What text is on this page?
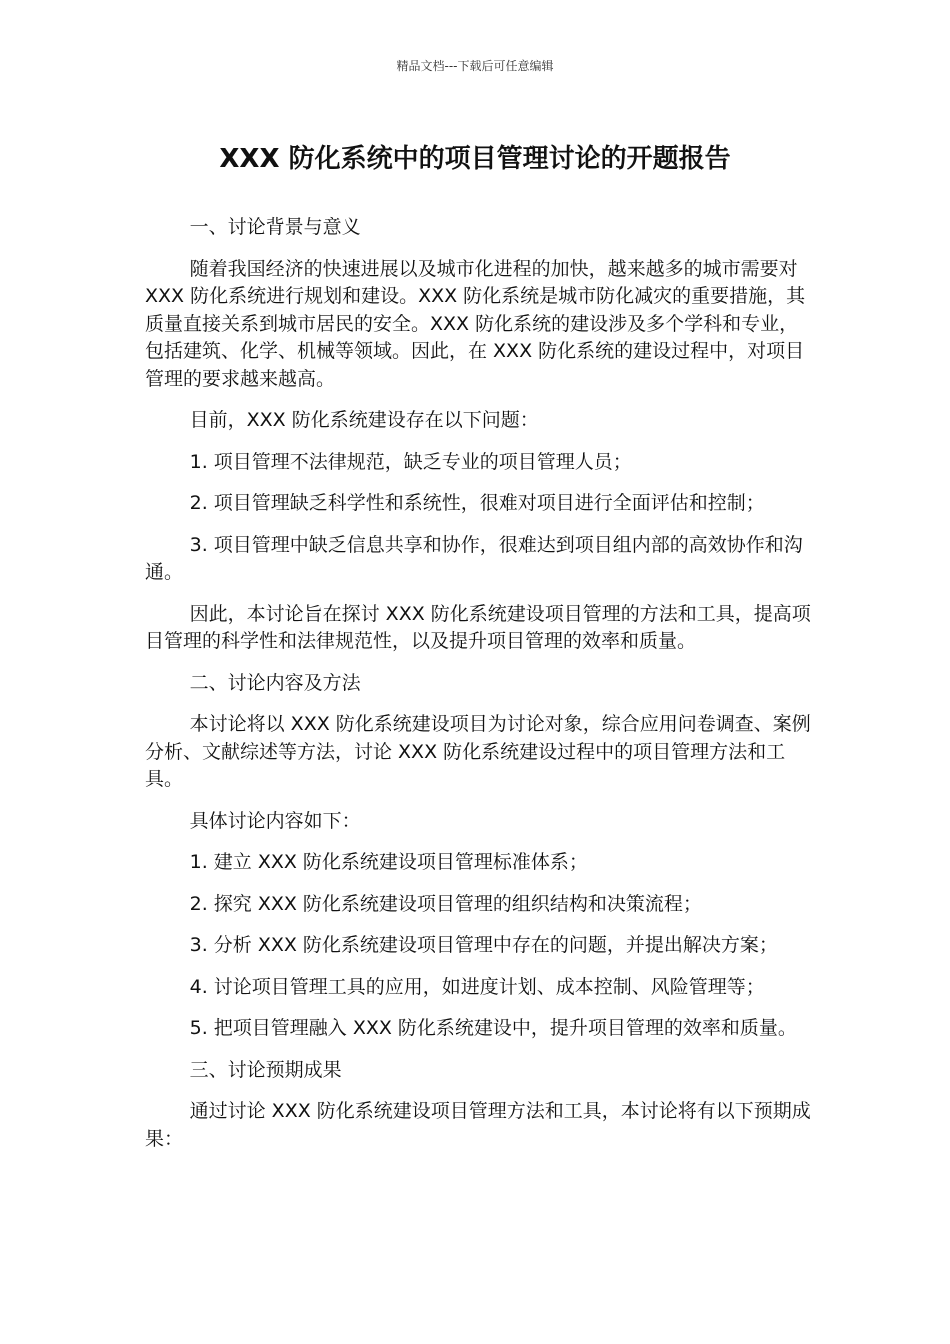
精品文档---下载后可任意编辑
XXX 防化系统中的项目管理讨论的开题报告

一、讨论背景与意义

随着我国经济的快速进展以及城市化进程的加快，越来越多的城市需要对 XXX 防化系统进行规划和建设。XXX 防化系统是城市防化减灾的重要措施，其质量直接关系到城市居民的安全。XXX 防化系统的建设涉及多个学科和专业，包括建筑、化学、机械等领域。因此，在 XXX 防化系统的建设过程中，对项目管理的要求越来越高。

目前，XXX 防化系统建设存在以下问题：

1. 项目管理不法律规范，缺乏专业的项目管理人员；

2. 项目管理缺乏科学性和系统性，很难对项目进行全面评估和控制；

3. 项目管理中缺乏信息共享和协作，很难达到项目组内部的高效协作和沟通。

因此，本讨论旨在探讨 XXX 防化系统建设项目管理的方法和工具，提高项目管理的科学性和法律规范性，以及提升项目管理的效率和质量。

二、讨论内容及方法

本讨论将以 XXX 防化系统建设项目为讨论对象，综合应用问卷调查、案例分析、文献综述等方法，讨论 XXX 防化系统建设过程中的项目管理方法和工具。

具体讨论内容如下：

1. 建立 XXX 防化系统建设项目管理标准体系；

2. 探究 XXX 防化系统建设项目管理的组织结构和决策流程；

3. 分析 XXX 防化系统建设项目管理中存在的问题，并提出解决方案；

4. 讨论项目管理工具的应用，如进度计划、成本控制、风险管理等；

5. 把项目管理融入 XXX 防化系统建设中，提升项目管理的效率和质量。

三、讨论预期成果

通过讨论 XXX 防化系统建设项目管理方法和工具，本讨论将有以下预期成果：
